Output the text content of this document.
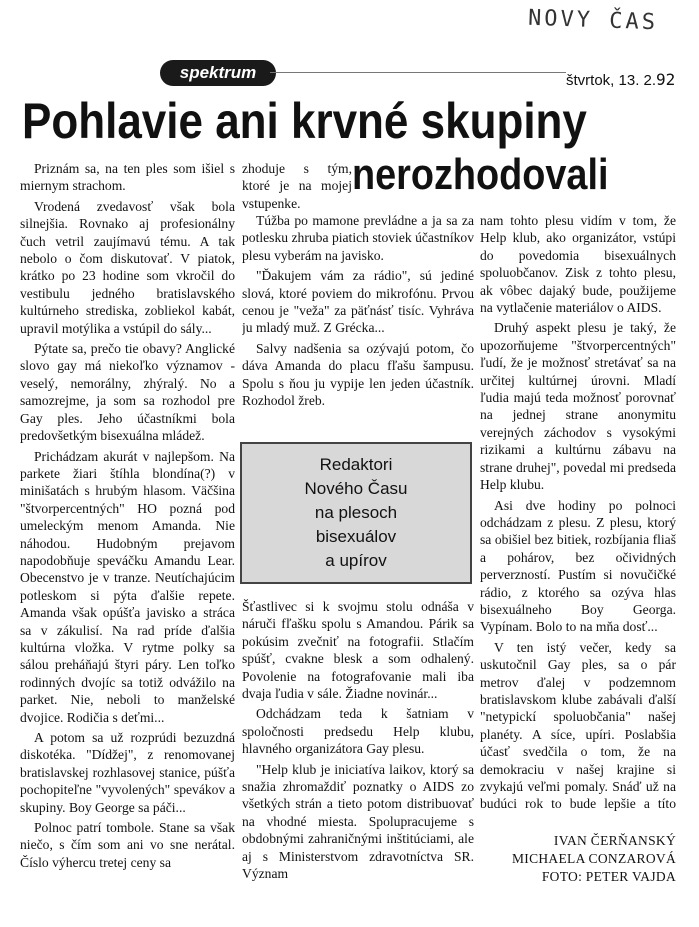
NOVY ČAS
spektrum	štvrtok, 13. 2.92
Pohlavie ani krvné skupiny
nerozhodovali

Priznám sa, na ten ples som išiel s miernym strachom.

Vrodená zvedavosť však bola silnejšia. Rovnako aj profesionálny čuch vetril zaujímavú tému. A tak nebolo o čom diskutovať. V piatok, krátko po 23 hodine som vkročil do vestibulu jedného bratislavského kultúrneho strediska, zobliekol kabát, upravil motýlika a vstúpil do sály...

Pýtate sa, prečo tie obavy? Anglické slovo gay má niekoľko významov - veselý, nemorálny, zhýralý. No a samozrejme, ja som sa rozhodol pre Gay ples. Jeho účastníkmi bola predovšetkým bisexuálna mládež.

Prichádzam akurát v najlepšom. Na parkete žiari štíhla blondína(?) v minišatách s hrubým hlasom. Väčšina "štvorpercentných" HO pozná pod umeleckým menom Amanda. Nie náhodou. Hudobným prejavom napodobňuje speváčku Amandu Lear. Obecenstvo je v tranze. Neutíchajúcim potleskom si pýta ďalšie repete. Amanda však opúšťa javisko a stráca sa v zákulisí. Na rad príde ďalšia kultúrna vložka. V rytme polky sa sálou preháňajú štyri páry. Len toľko rodinných dvojíc sa totiž odvážilo na parket. Nie, neboli to manželské dvojice. Rodičia s deťmi...

A potom sa už rozprúdi bezuzdná diskotéka. "Dídžej", z renomovanej bratislavskej rozhlasovej stanice, púšťa pochopiteľne "vyvolených" spevákov a skupiny. Boy George sa páči...

Polnoc patrí tombole. Stane sa však niečo, s čím som ani vo sne nerátal. Číslo výhercu tretej ceny sa

zhoduje s tým, ktoré je na mojej vstupenke.

Túžba po mamone prevládne a ja sa za potlesku zhruba piatich stoviek účastníkov plesu vyberám na javisko.

"Ďakujem vám za rádio", sú jediné slová, ktoré poviem do mikrofónu. Prvou cenou je "veža" za päťnásť tisíc. Vyhráva ju mladý muž. Z Grécka...

Salvy nadšenia sa ozývajú potom, čo dáva Amanda do placu fľašu šampusu. Spolu s ňou ju vypije len jeden účastník. Rozhodol žreb.

Redaktori
Nového Času
na plesoch
bisexuálov
a upírov

Šťastlivec si k svojmu stolu odnáša v náruči fľašku spolu s Amandou. Párik sa pokúsim zvečniť na fotografii. Stlačím spúšť, cvakne blesk a som odhalený. Povolenie na fotografovanie mali iba dvaja ľudia v sále. Žiadne novinár...

Odchádzam teda k šatniam v spoločnosti predsedu Help klubu, hlavného organizátora Gay plesu.

"Help klub je iniciatíva laikov, ktorý sa snažia zhromaždiť poznatky o AIDS zo všetkých strán a tieto potom distribuovať na vhodné miesta. Spolupracujeme s obdobnými zahraničnými inštitúciami, ale aj s Ministerstvom zdravotníctva SR. Význam

nam tohto plesu vidím v tom, že Help klub, ako organizátor, vstúpi do povedomia bisexuálnych spoluobčanov. Zisk z tohto plesu, ak vôbec dajaký bude, použijeme na vytlačenie materiálov o AIDS.

Druhý aspekt plesu je taký, že upozorňujeme "štvorpercentných" ľudí, že je možnosť stretávať sa na určitej kultúrnej úrovni. Mladí ľudia majú teda možnosť porovnať na jednej strane anonymitu verejných záchodov s vysokými rizikami a kultúrnu zábavu na strane druhej", povedal mi predseda Help klubu.

Asi dve hodiny po polnoci odchádzam z plesu. Z plesu, ktorý sa obišiel bez bitiek, rozbíjania fliaš a pohárov, bez očividných perverzností. Pustím si novučičké rádio, z ktorého sa ozýva hlas bisexuálneho Boy Georga. Vypínam. Bolo to na mňa dosť...

V ten istý večer, kedy sa uskutočnil Gay ples, sa o pár metrov ďalej v podzemnom bratislavskom klube zabávali ďalší "netypickí spoluobčania" našej planéty. A síce, upíri. Poslabšia účasť svedčila o tom, že na demokraciu v našej krajine si zvykajú veľmi pomaly. Snáď už na budúci rok to bude lepšie a títo

IVAN ČERŇANSKÝ
MICHAELA CONZAROVÁ
FOTO: PETER VAJDA
